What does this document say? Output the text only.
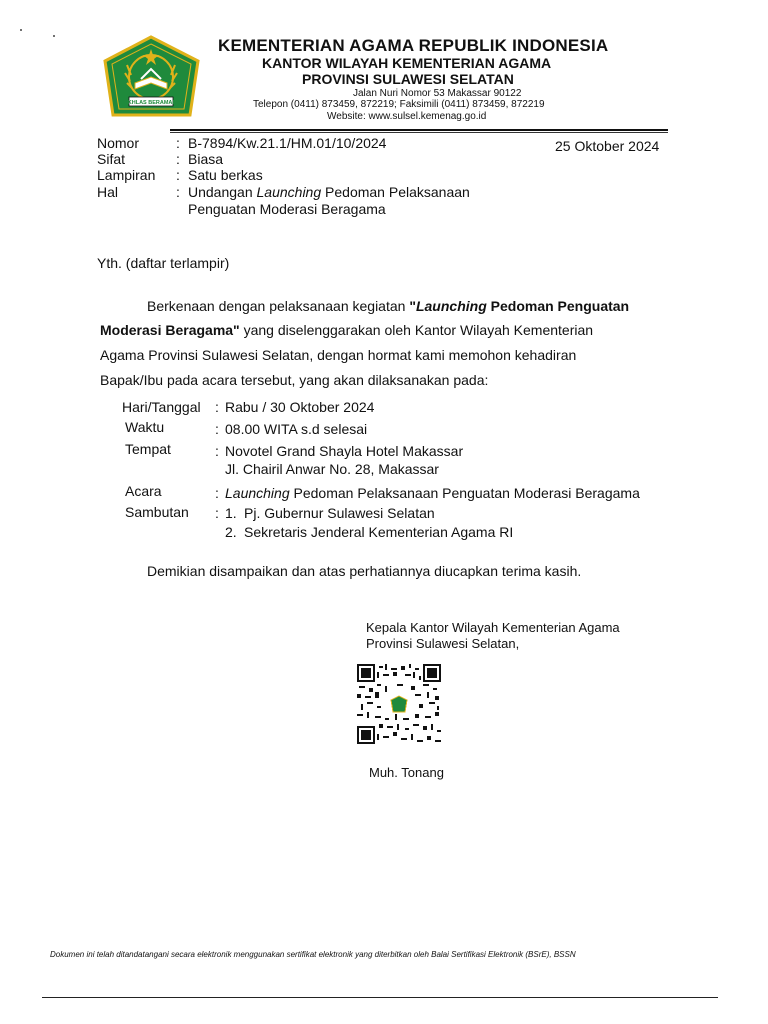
IKHLAS BERAMAL
KEMENTERIAN AGAMA REPUBLIK INDONESIA
KANTOR WILAYAH KEMENTERIAN AGAMA
PROVINSI SULAWESI SELATAN
Jalan Nuri Nomor 53 Makassar 90122
Telepon (0411) 873459, 872219; Faksimili (0411) 873459, 872219
Website: www.sulsel.kemenag.go.id
Nomor	: B-7894/Kw.21.1/HM.01/10/2024	25 Oktober 2024
Sifat	: Biasa
Lampiran : Satu berkas
Hal	: Undangan Launching Pedoman Pelaksanaan
Penguatan Moderasi Beragama
Yth. (daftar terlampir)
Berkenaan dengan pelaksanaan kegiatan "Launching Pedoman Penguatan
Moderasi Beragama" yang diselenggarakan oleh Kantor Wilayah Kementerian
Agama Provinsi Sulawesi Selatan, dengan hormat kami memohon kehadiran
Bapak/Ibu pada acara tersebut, yang akan dilaksanakan pada:
Hari/Tanggal : Rabu / 30 Oktober 2024
Waktu	: 08.00 WITA s.d selesai
Tempat	: Novotel Grand Shayla Hotel Makassar
Jl. Chairil Anwar No. 28, Makassar
Acara	: Launching Pedoman Pelaksanaan Penguatan Moderasi Beragama
Sambutan : 1. Pj. Gubernur Sulawesi Selatan
2. Sekretaris Jenderal Kementerian Agama RI
Demikian disampaikan dan atas perhatiannya diucapkan terima kasih.
Kepala Kantor Wilayah Kementerian Agama
Provinsi Sulawesi Selatan,
Muh. Tonang
Dokumen ini telah ditandatangani secara elektronik menggunakan sertifikat elektronik yang diterbitkan oleh Balai Sertifikasi Elektronik (BSrE), BSSN
